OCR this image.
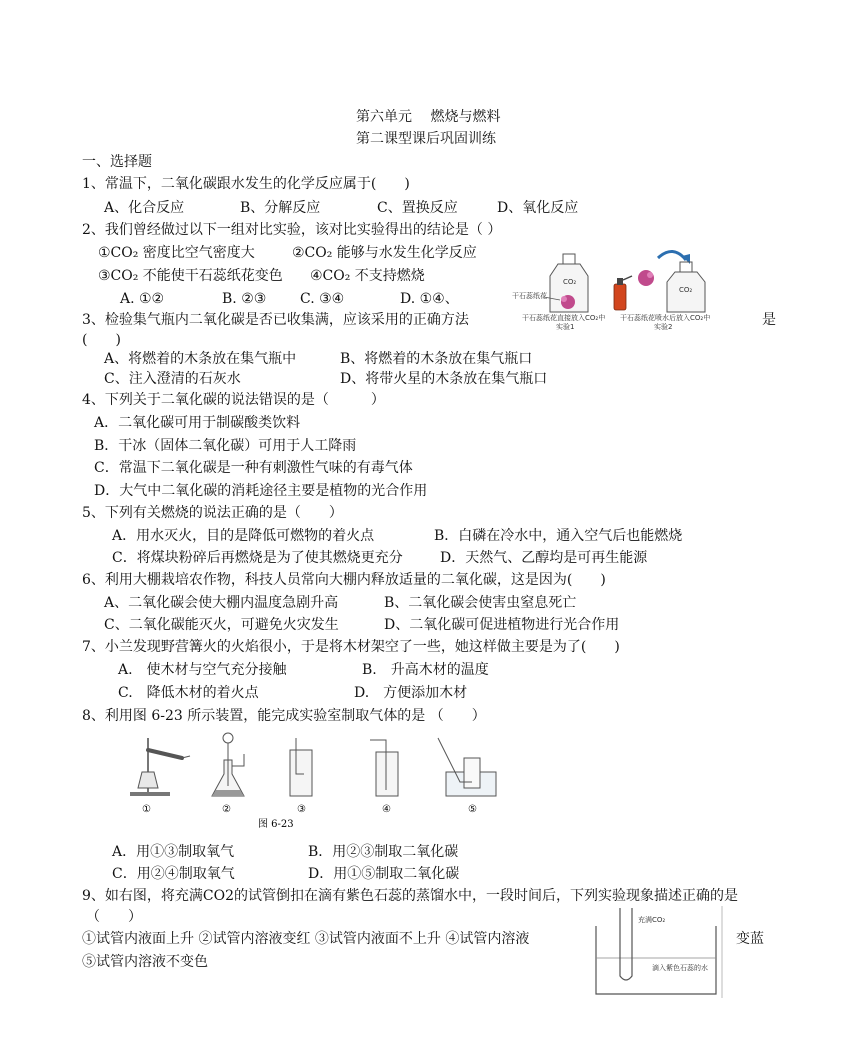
第六单元　 燃烧与燃料
第二课型课后巩固训练
一、选择题
1、常温下，二氧化碳跟水发生的化学反应属于(　　)
A、化合反应	B、分解反应	C、置换反应	D、氧化反应
2、我们曾经做过以下一组对比实验，该对比实验得出的结论是（ ）
①CO₂ 密度比空气密度大	②CO₂ 能够与水发生化学反应
③CO₂ 不能使干石蕊纸花变色 ④CO₂ 不支持燃烧
A. ①②	B. ②③ C. ③④	D. ①④、
CO₂
干石蕊纸花
CO₂
干石蕊纸花直接放入CO₂中
实验1
干石蕊纸花喷水后放入CO₂中
实验2
3、检验集气瓶内二氧化碳是否已收集满，应该采用的正确方法	是
(　　)
A、将燃着的木条放在集气瓶中	B、将燃着的木条放在集气瓶口
C、注入澄清的石灰水	D、将带火星的木条放在集气瓶口
4、下列关于二氧化碳的说法错误的是（　　　）
A．二氧化碳可用于制碳酸类饮料
B．干冰（固体二氧化碳）可用于人工降雨
C．常温下二氧化碳是一种有刺激性气味的有毒气体
D．大气中二氧化碳的消耗途径主要是植物的光合作用
5、下列有关燃烧的说法正确的是（　　）
A．用水灭火，目的是降低可燃物的着火点	B．白磷在冷水中，通入空气后也能燃烧
C．将煤块粉碎后再燃烧是为了使其燃烧更充分	D．天然气、乙醇均是可再生能源
6、利用大棚栽培农作物，科技人员常向大棚内释放适量的二氧化碳，这是因为(　　)
A、二氧化碳会使大棚内温度急剧升高	B、二氧化碳会使害虫窒息死亡
C、二氧化碳能灭火，可避免火灾发生	D、二氧化碳可促进植物进行光合作用
7、小兰发现野营篝火的火焰很小，于是将木材架空了一些，她这样做主要是为了(　　)
A.　使木材与空气充分接触	B.　升高木材的温度
C.　降低木材的着火点	D.　方便添加木材
8、利用图 6-23 所示装置，能完成实验室制取气体的是 （　　）
①	②	③	④	⑤
图 6-23
A．用①③制取氧气	B．用②③制取二氧化碳
C．用②④制取氧气	D．用①⑤制取二氧化碳
9、如右图，将充满CO2的试管倒扣在滴有紫色石蕊的蒸馏水中，一段时间后，下列实验现象描述正确的是
（　　）
①试管内液面上升 ②试管内溶液变红 ③试管内液面不上升 ④试管内溶液	变蓝
⑤试管内溶液不变色
充满CO₂
滴入紫色石蕊的水
